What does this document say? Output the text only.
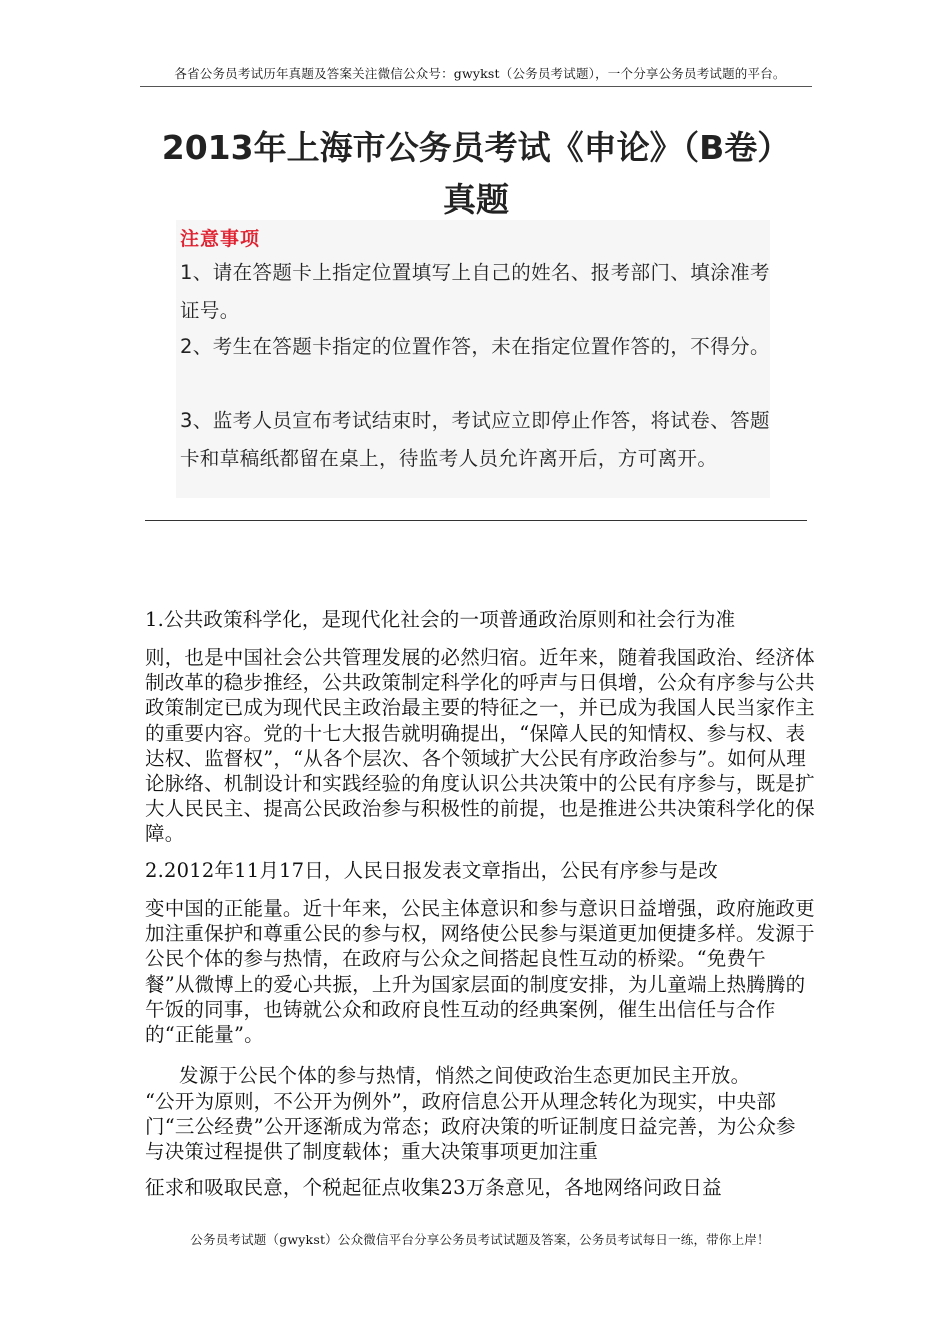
各省公务员考试历年真题及答案关注微信公众号：gwykst（公务员考试题），一个分享公务员考试题的平台。
2013年上海市公务员考试《申论》（B卷）
真题
注意事项
1、请在答题卡上指定位置填写上自己的姓名、报考部门、填涂准考证号。
2、考生在答题卡指定的位置作答，未在指定位置作答的，不得分。
3、监考人员宣布考试结束时，考试应立即停止作答，将试卷、答题卡和草稿纸都留在桌上，待监考人员允许离开后，方可离开。
1.公共政策科学化，是现代化社会的一项普通政治原则和社会行为准
则，也是中国社会公共管理发展的必然归宿。近年来，随着我国政治、经济体制改革的稳步推经，公共政策制定科学化的呼声与日俱增，公众有序参与公共政策制定已成为现代民主政治最主要的特征之一，并已成为我国人民当家作主的重要内容。党的十七大报告就明确提出，“保障人民的知情权、参与权、表达权、监督权”，“从各个层次、各个领域扩大公民有序政治参与”。如何从理论脉络、机制设计和实践经验的角度认识公共决策中的公民有序参与，既是扩大人民民主、提高公民政治参与积极性的前提，也是推进公共决策科学化的保障。
2.2012年11月17日，人民日报发表文章指出，公民有序参与是改
变中国的正能量。近十年来，公民主体意识和参与意识日益增强，政府施政更加注重保护和尊重公民的参与权，网络使公民参与渠道更加便捷多样。发源于公民个体的参与热情，在政府与公众之间搭起良性互动的桥梁。“免费午餐”从微博上的爱心共振，上升为国家层面的制度安排，为儿童端上热腾腾的午饭的同事，也铸就公众和政府良性互动的经典案例，催生出信任与合作的“正能量”。
发源于公民个体的参与热情，悄然之间使政治生态更加民主开放。
“公开为原则，不公开为例外”，政府信息公开从理念转化为现实，中央部门“三公经费”公开逐渐成为常态；政府决策的听证制度日益完善，为公众参与决策过程提供了制度载体；重大决策事项更加注重
征求和吸取民意，个税起征点收集23万条意见，各地网络问政日益
公务员考试题（gwykst）公众微信平台分享公务员考试试题及答案，公务员考试每日一练，带你上岸！
